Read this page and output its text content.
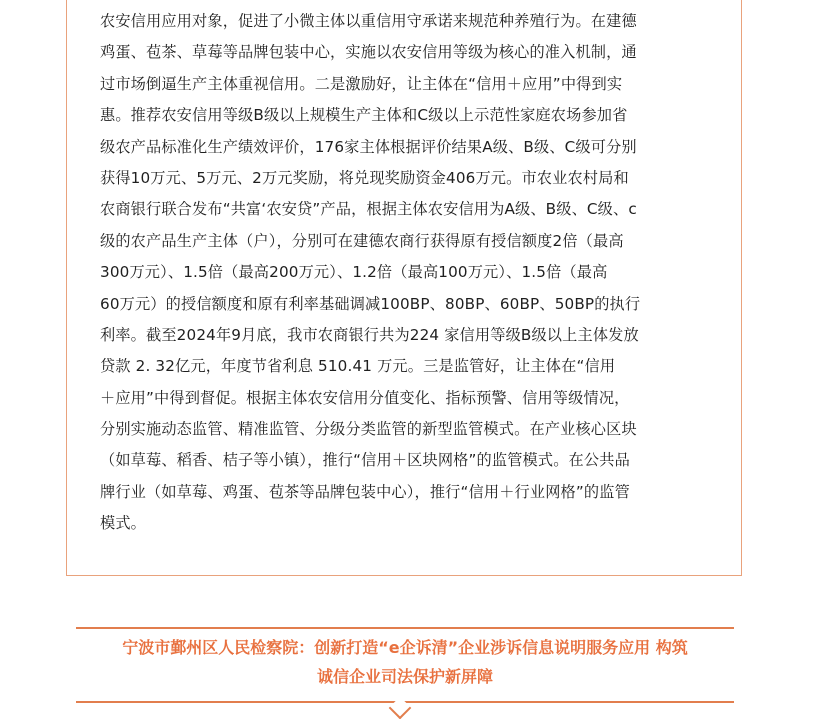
农安信用应用对象，促进了小微主体以重信用守承诺来规范种养殖行为。在建德
鸡蛋、苞茶、草莓等品牌包装中心，实施以农安信用等级为核心的准入机制，通
过市场倒逼生产主体重视信用。二是激励好，让主体在“信用＋应用”中得到实
惠。推荐农安信用等级B级以上规模生产主体和C级以上示范性家庭农场参加省
级农产品标准化生产绩效评价，176家主体根据评价结果A级、B级、C级可分别
获得10万元、5万元、2万元奖励，将兑现奖励资金406万元。市农业农村局和
农商银行联合发布“共富‘农安贷”产品，根据主体农安信用为A级、B级、C级、c
级的农产品生产主体（户），分别可在建德农商行获得原有授信额度2倍（最高
300万元）、1.5倍（最高200万元）、1.2倍（最高100万元）、1.5倍（最高
60万元）的授信额度和原有利率基础调减100BP、80BP、60BP、50BP的执行
利率。截至2024年9月底，我市农商银行共为224 家信用等级B级以上主体发放
贷款 2. 32亿元，年度节省利息 510.41 万元。三是监管好，让主体在“信用
＋应用”中得到督促。根据主体农安信用分值变化、指标预警、信用等级情况，
分别实施动态监管、精准监管、分级分类监管的新型监管模式。在产业核心区块
（如草莓、稻香、桔子等小镇），推行“信用＋区块网格”的监管模式。在公共品
牌行业（如草莓、鸡蛋、苞茶等品牌包装中心），推行“信用＋行业网格”的监管
模式。
宁波市鄞州区人民检察院：创新打造“e企诉清”企业涉诉信息说明服务应用 构筑
诚信企业司法保护新屏障
